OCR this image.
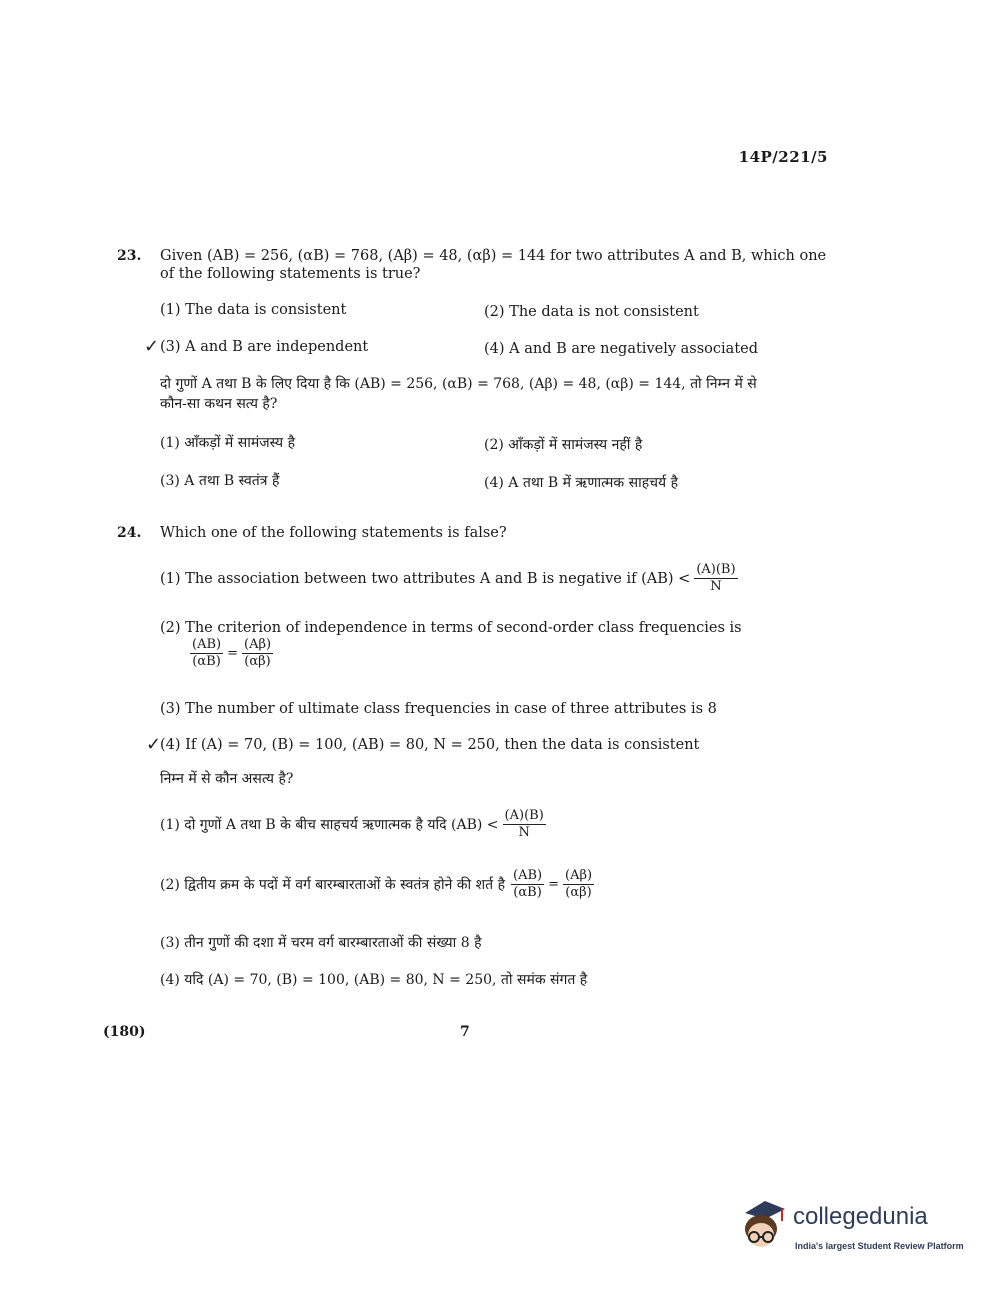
14P/221/5
23. Given (AB) = 256, (αB) = 768, (Aβ) = 48, (αβ) = 144 for two attributes A and B, which one
of the following statements is true?
(1) The data is consistent	(2) The data is not consistent
✓ (3) A and B are independent	(4) A and B are negatively associated
दो गुणों A तथा B के लिए दिया है कि (AB) = 256, (αB) = 768, (Aβ) = 48, (αβ) = 144, तो निम्न में से
कौन-सा कथन सत्य है?
(1) आँकड़ों में सामंजस्य है	(2) आँकड़ों में सामंजस्य नहीं है
(3) A तथा B स्वतंत्र हैं	(4) A तथा B में ऋणात्मक साहचर्य है
24. Which one of the following statements is false?
(1) The association between two attributes A and B is negative if $(AB) < \frac{(A)(B)}{N}$
(2) The criterion of independence in terms of second-order class frequencies is
$\frac{(AB)}{(\alpha B)} = \frac{(A\beta)}{(\alpha\beta)}$
(3) The number of ultimate class frequencies in case of three attributes is 8
✓
(4) If (A) = 70, (B) = 100, (AB) = 80, N = 250, then the data is consistent
निम्न में से कौन असत्य है?
(1) दो गुणों A तथा B के बीच साहचर्य ऋणात्मक है यदि $(AB) < \frac{(A)(B)}{N}$
(2) द्वितीय क्रम के पदों में वर्ग बारम्बारताओं के स्वतंत्र होने की शर्त है $\frac{(AB)}{(\alpha B)} = \frac{(A\beta)}{(\alpha\beta)}$
(3) तीन गुणों की दशा में चरम वर्ग बारम्बारताओं की संख्या 8 है
(4) यदि (A) = 70, (B) = 100, (AB) = 80, N = 250, तो समंक संगत है
(180)	7
collegedunia
India's largest Student Review Platform
